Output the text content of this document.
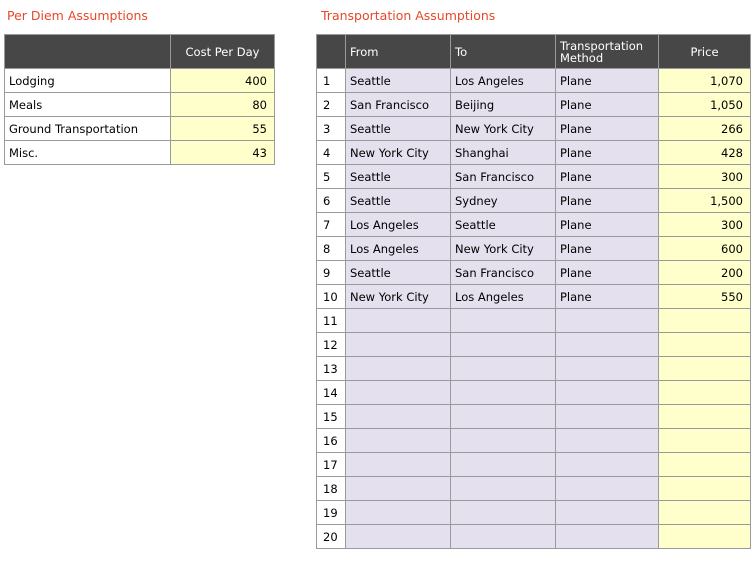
Per Diem Assumptions	Transportation Assumptions
	Cost Per Day
Lodging	400
Meals	80
Ground Transportation	55
Misc.	43
	From	To	Transportation Method	Price
1	Seattle	Los Angeles	Plane	1,070
2	San Francisco	Beijing	Plane	1,050
3	Seattle	New York City	Plane	266
4	New York City	Shanghai	Plane	428
5	Seattle	San Francisco	Plane	300
6	Seattle	Sydney	Plane	1,500
7	Los Angeles	Seattle	Plane	300
8	Los Angeles	New York City	Plane	600
9	Seattle	San Francisco	Plane	200
10	New York City	Los Angeles	Plane	550
11				
12				
13				
14				
15				
16				
17				
18				
19				
20				
